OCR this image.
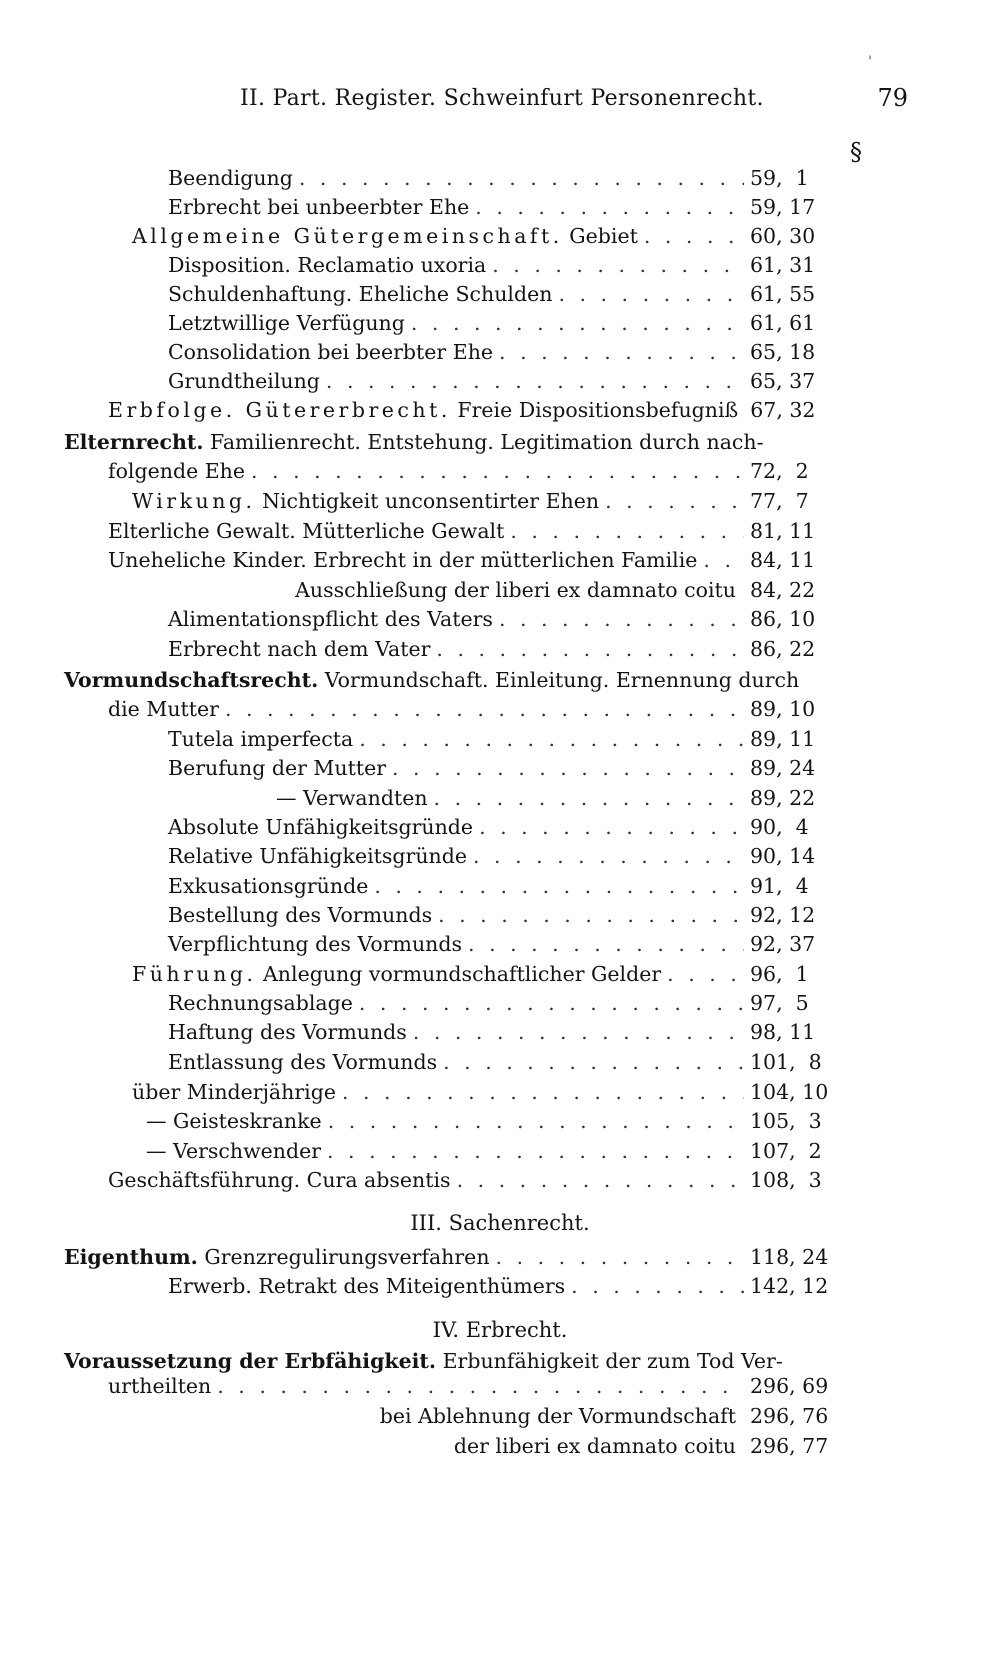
'
II. Part. Register. Schweinfurt Personenrecht.	79
§
Beendigung . . .	59,  1
Erbrecht bei unbeerbter Ehe . . .	59, 17
Allgemeine Gütergemeinschaft. Gebiet . . .	60, 30
Disposition. Reclamatio uxoria . . .	61, 31
Schuldenhaftung. Eheliche Schulden . . .	61, 55
Letztwillige Verfügung . . .	61, 61
Consolidation bei beerbter Ehe . . .	65, 18
Grundtheilung . . .	65, 37
Erbfolge. Gütererbrecht. Freie Dispositionsbefugniß 67, 32
Elternrecht. Familienrecht. Entstehung. Legitimation durch nach-
folgende Ehe . . .	72,  2
Wirkung. Nichtigkeit unconsentirter Ehen . . .	77,  7
Elterliche Gewalt. Mütterliche Gewalt . . .	81, 11
Uneheliche Kinder. Erbrecht in der mütterlichen Familie . . .	84, 11
Ausschließung der liberi ex damnato coitu 84, 22
Alimentationspflicht des Vaters . . .	86, 10
Erbrecht nach dem Vater . . .	86, 22
Vormundschaftsrecht. Vormundschaft. Einleitung. Ernennung durch
die Mutter . . .	89, 10
Tutela imperfecta . . .	89, 11
Berufung der Mutter . . .	89, 24
— Verwandten . . .	89, 22
Absolute Unfähigkeitsgründe . . .	90,  4
Relative Unfähigkeitsgründe . . .	90, 14
Exkusationsgründe . . .	91,  4
Bestellung des Vormunds . . .	92, 12
Verpflichtung des Vormunds . . .	92, 37
Führung. Anlegung vormundschaftlicher Gelder . . .	96,  1
Rechnungsablage . . .	97,  5
Haftung des Vormunds . . .	98, 11
Entlassung des Vormunds . . .	101,  8
über Minderjährige . . .	104, 10
— Geisteskranke . . .	105,  3
— Verschwender . . .	107,  2
Geschäftsführung. Cura absentis . . .	108,  3
III. Sachenrecht.
Eigenthum. Grenzregulirungsverfahren . . .	118, 24
Erwerb. Retrakt des Miteigenthümers . . .	142, 12
IV. Erbrecht.
Voraussetzung der Erbfähigkeit. Erbunfähigkeit der zum Tod Ver-
urtheilten . . .	296, 69
bei Ablehnung der Vormundschaft 296, 76
der liberi ex damnato coitu 296, 77
